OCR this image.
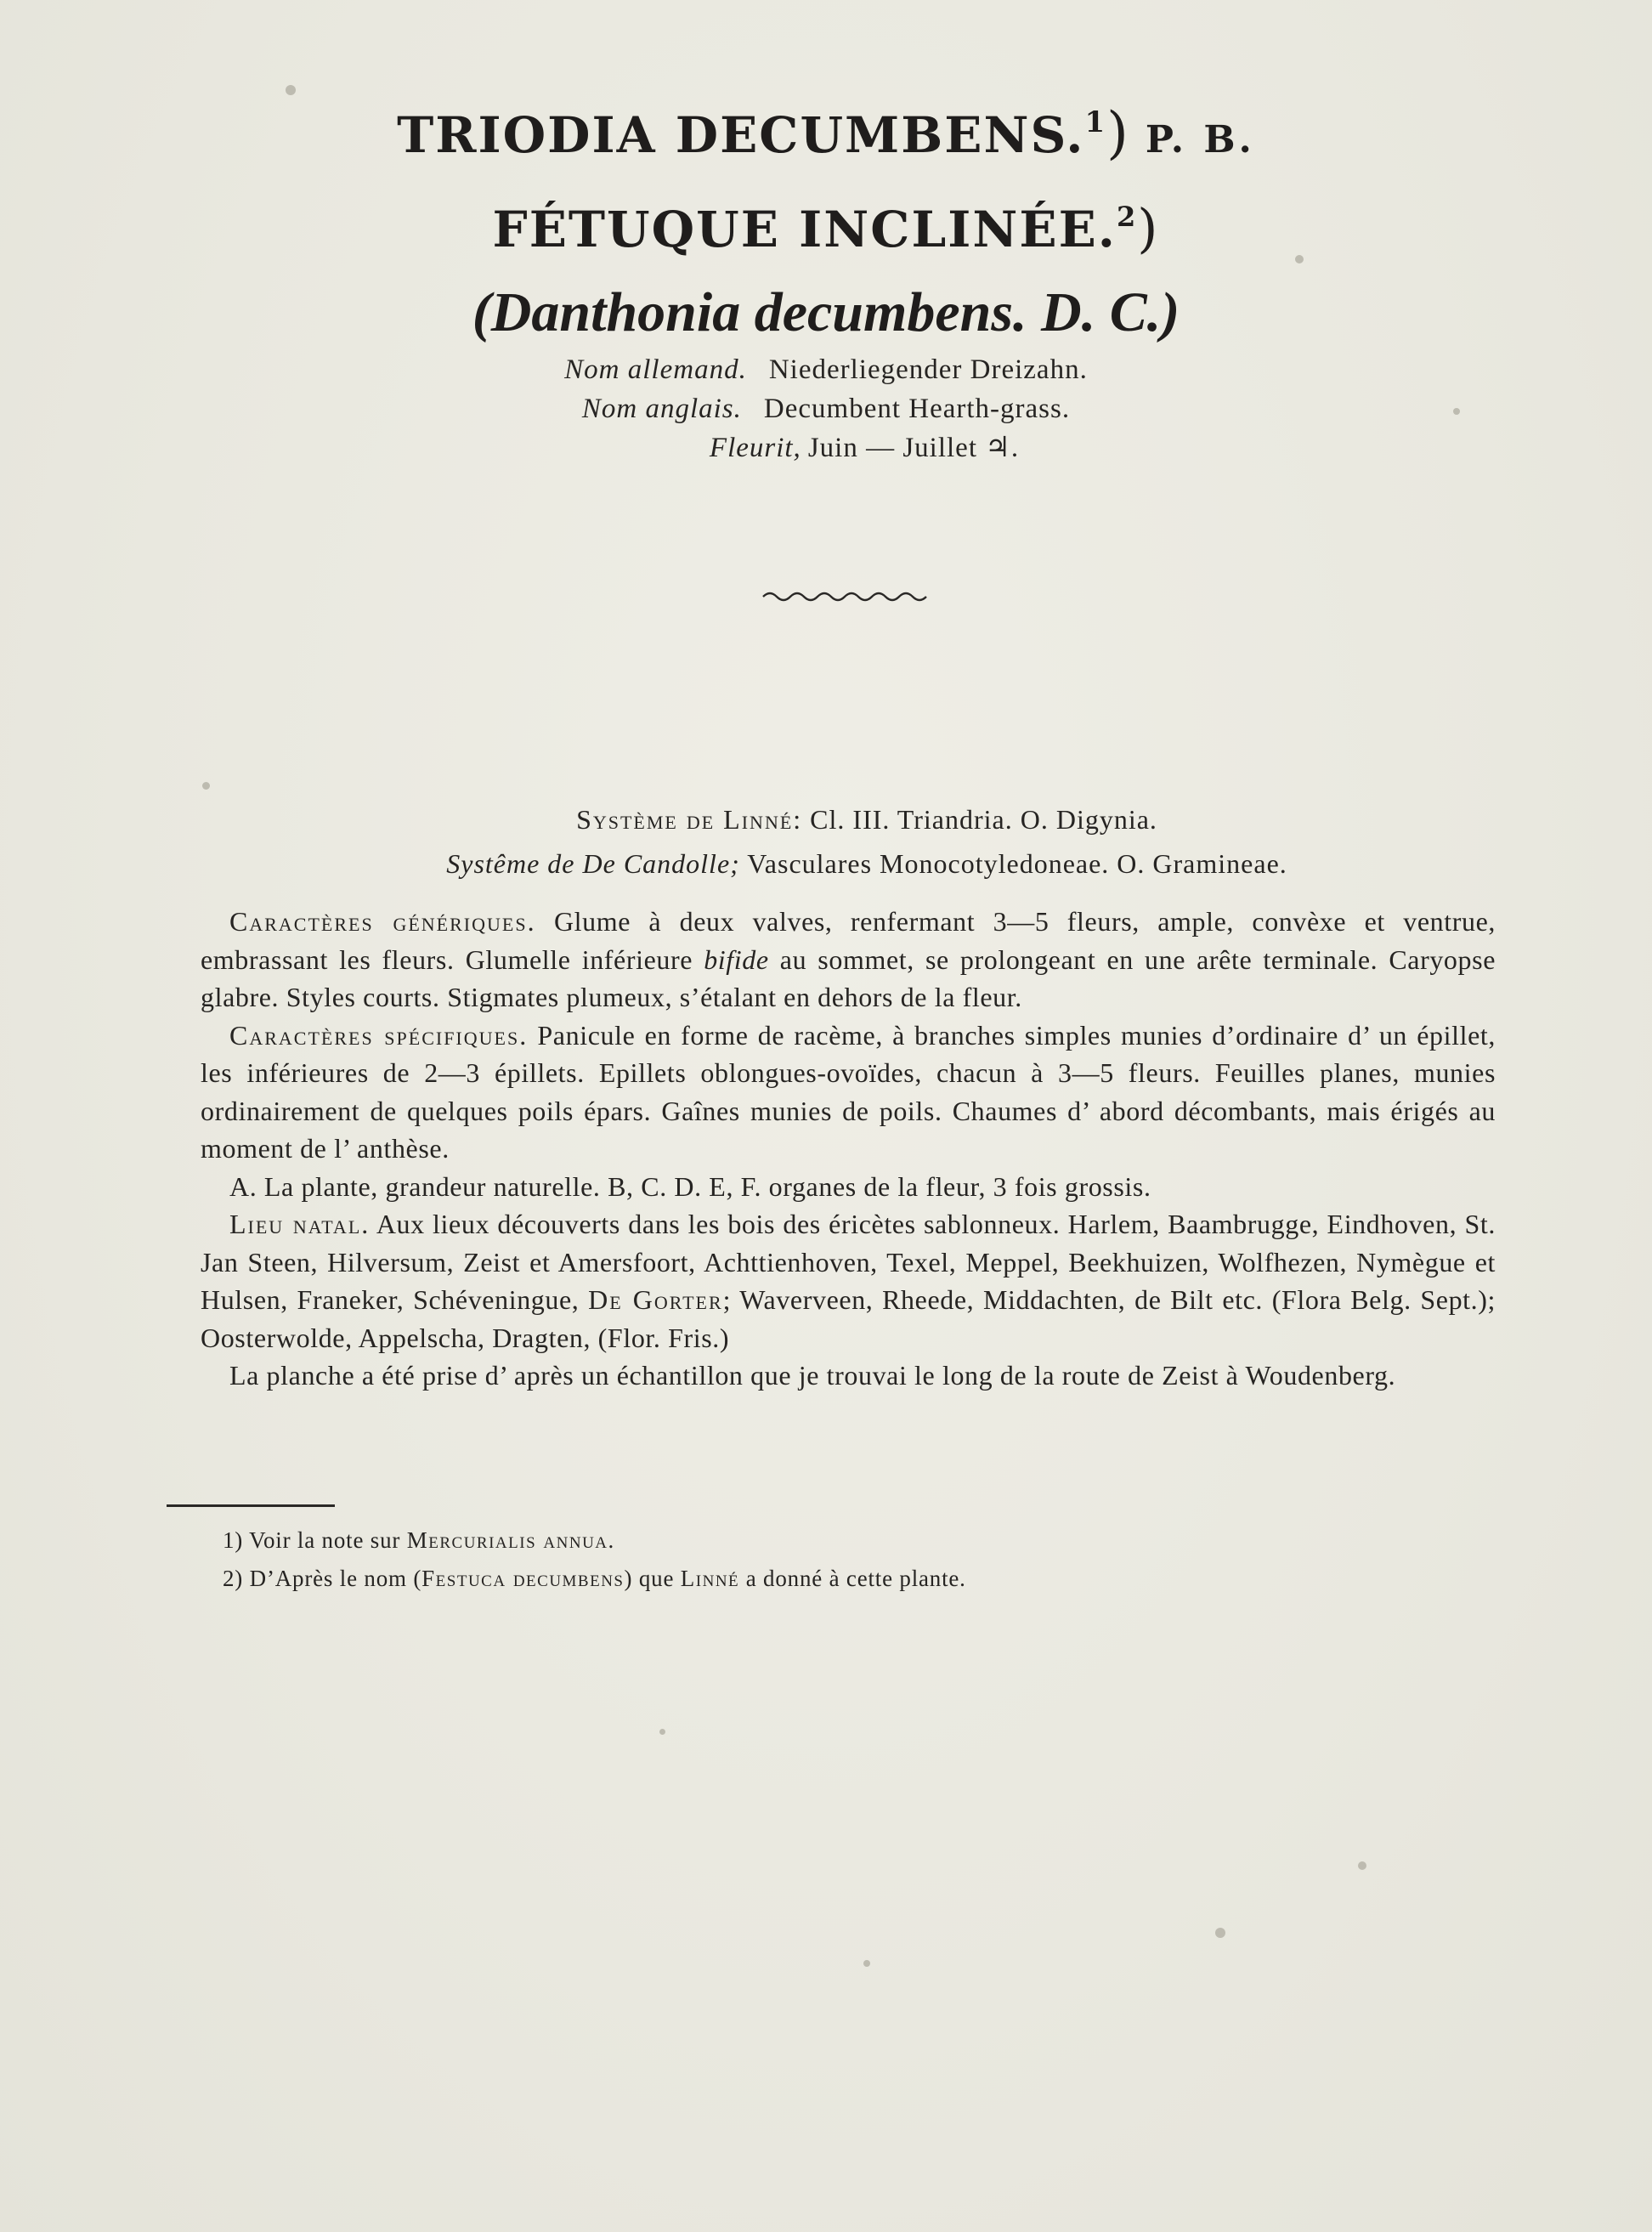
TRIODIA DECUMBENS.$^1$) P. B.
FÉTUQUE INCLINÉE.$^2$)
(Danthonia decumbens. D. C.)
Nom allemand. Niederliegender Dreizahn.
Nom anglais. Decumbent Hearth-grass.
Fleurit, Juin — Juillet ♃.
Système de Linné: Cl. III. Triandria. O. Digynia.
Systême de De Candolle; Vasculares Monocotyledoneae. O. Gramineae.

Caractères génériques. Glume à deux valves, renfermant 3—5 fleurs, ample, convèxe et ventrue, embrassant les fleurs. Glumelle inférieure bifide au sommet, se prolongeant en une arête terminale. Caryopse glabre. Styles courts. Stigmates plumeux, s’étalant en dehors de la fleur.

Caractères spécifiques. Panicule en forme de racème, à branches simples munies d’ordinaire d’ un épillet, les inférieures de 2—3 épillets. Epillets oblongues-ovoïdes, chacun à 3—5 fleurs. Feuilles planes, munies ordinairement de quelques poils épars. Gaînes munies de poils. Chaumes d’ abord décombants, mais érigés au moment de l’ anthèse.

A. La plante, grandeur naturelle. B, C. D. E, F. organes de la fleur, 3 fois grossis.

Lieu natal. Aux lieux découverts dans les bois des éricètes sablonneux. Harlem, Baambrugge, Eindhoven, St. Jan Steen, Hilversum, Zeist et Amersfoort, Achttienhoven, Texel, Meppel, Beekhuizen, Wolfhezen, Nymègue et Hulsen, Franeker, Schéveningue, De Gorter; Waverveen, Rheede, Middachten, de Bilt etc. (Flora Belg. Sept.); Oosterwolde, Appelscha, Dragten, (Flor. Fris.)

La planche a été prise d’ après un échantillon que je trouvai le long de la route de Zeist à Woudenberg.

1) Voir la note sur Mercurialis annua.
2) D’Après le nom (Festuca decumbens) que Linné a donné à cette plante.
